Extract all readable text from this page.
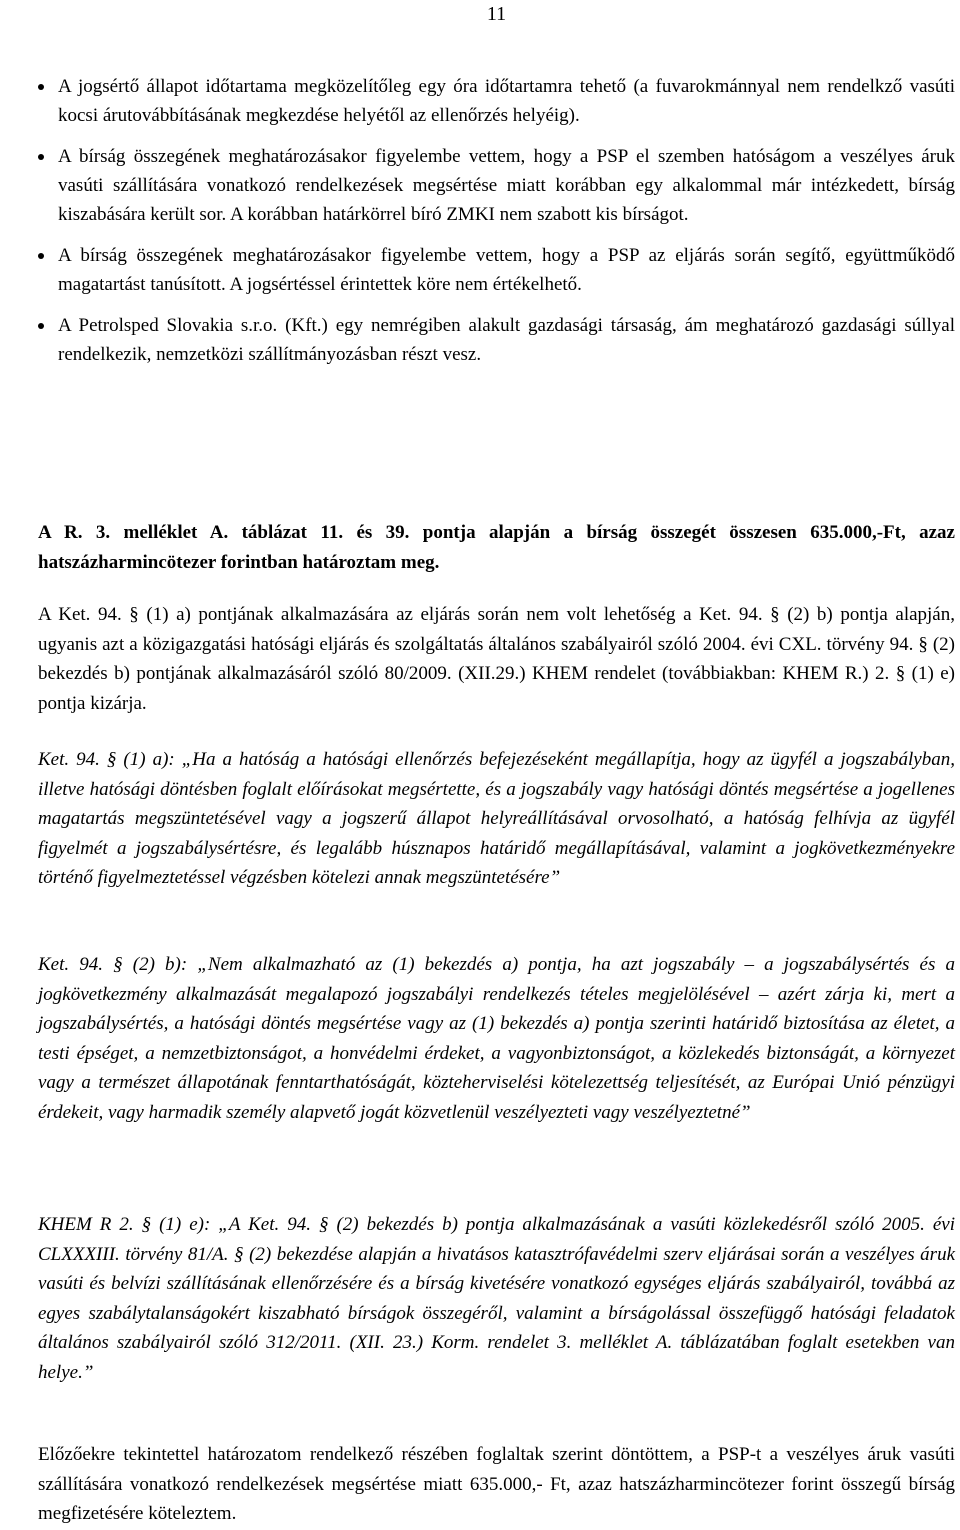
11
A jogsértő állapot időtartama megközelítőleg egy óra időtartamra tehető (a fuvarokmánnyal nem rendelkző vasúti kocsi árutovábbításának megkezdése helyétől az ellenőrzés helyéig).
A bírság összegének meghatározásakor figyelembe vettem, hogy a PSP el szemben hatóságom a veszélyes áruk vasúti szállítására vonatkozó rendelkezések megsértése miatt korábban egy alkalommal már intézkedett, bírság kiszabására került sor. A korábban határkörrel bíró ZMKI nem szabott kis bírságot.
A bírság összegének meghatározásakor figyelembe vettem, hogy a PSP az eljárás során segítő, együttműködő magatartást tanúsított. A jogsértéssel érintettek köre nem értékelhető.
A Petrolsped Slovakia s.r.o. (Kft.) egy nemrégiben alakult gazdasági társaság, ám meghatározó gazdasági súllyal rendelkezik, nemzetközi szállítmányozásban részt vesz.

A R. 3. melléklet A. táblázat 11. és 39. pontja alapján a bírság összegét összesen 635.000,-Ft, azaz hatszázharmincötezer forintban határoztam meg.

A Ket. 94. § (1) a) pontjának alkalmazására az eljárás során nem volt lehetőség a Ket. 94. § (2) b) pontja alapján, ugyanis azt a közigazgatási hatósági eljárás és szolgáltatás általános szabályairól szóló 2004. évi CXL. törvény 94. § (2) bekezdés b) pontjának alkalmazásáról szóló 80/2009. (XII.29.) KHEM rendelet (továbbiakban: KHEM R.) 2. § (1) e) pontja kizárja.

Ket. 94. § (1) a): „Ha a hatóság a hatósági ellenőrzés befejezéseként megállapítja, hogy az ügyfél a jogszabályban, illetve hatósági döntésben foglalt előírásokat megsértette, és a jogszabály vagy hatósági döntés megsértése a jogellenes magatartás megszüntetésével vagy a jogszerű állapot helyreállításával orvosolható, a hatóság felhívja az ügyfél figyelmét a jogszabálysértésre, és legalább húsznapos határidő megállapításával, valamint a jogkövetkezményekre történő figyelmeztetéssel végzésben kötelezi annak megszüntetésére”

Ket. 94. § (2) b): „Nem alkalmazható az (1) bekezdés a) pontja, ha azt jogszabály – a jogszabálysértés és a jogkövetkezmény alkalmazását megalapozó jogszabályi rendelkezés tételes megjelölésével – azért zárja ki, mert a jogszabálysértés, a hatósági döntés megsértése vagy az (1) bekezdés a) pontja szerinti határidő biztosítása az életet, a testi épséget, a nemzetbiztonságot, a honvédelmi érdeket, a vagyonbiztonságot, a közlekedés biztonságát, a környezet vagy a természet állapotának fenntarthatóságát, közteherviselési kötelezettség teljesítését, az Európai Unió pénzügyi érdekeit, vagy harmadik személy alapvető jogát közvetlenül veszélyezteti vagy veszélyeztetné”

KHEM R 2. § (1) e): „A Ket. 94. § (2) bekezdés b) pontja alkalmazásának a vasúti közlekedésről szóló 2005. évi CLXXXIII. törvény 81/A. § (2) bekezdése alapján a hivatásos katasztrófavédelmi szerv eljárásai során a veszélyes áruk vasúti és belvízi szállításának ellenőrzésére és a bírság kivetésére vonatkozó egységes eljárás szabályairól, továbbá az egyes szabálytalanságokért kiszabható bírságok összegéről, valamint a bírságolással összefüggő hatósági feladatok általános szabályairól szóló 312/2011. (XII. 23.) Korm. rendelet 3. melléklet A. táblázatában foglalt esetekben van helye.”

Előzőekre tekintettel határozatom rendelkező részében foglaltak szerint döntöttem, a PSP-t a veszélyes áruk vasúti szállítására vonatkozó rendelkezések megsértése miatt 635.000,- Ft, azaz hatszázharmincötezer forint összegű bírság megfizetésére köteleztem.
